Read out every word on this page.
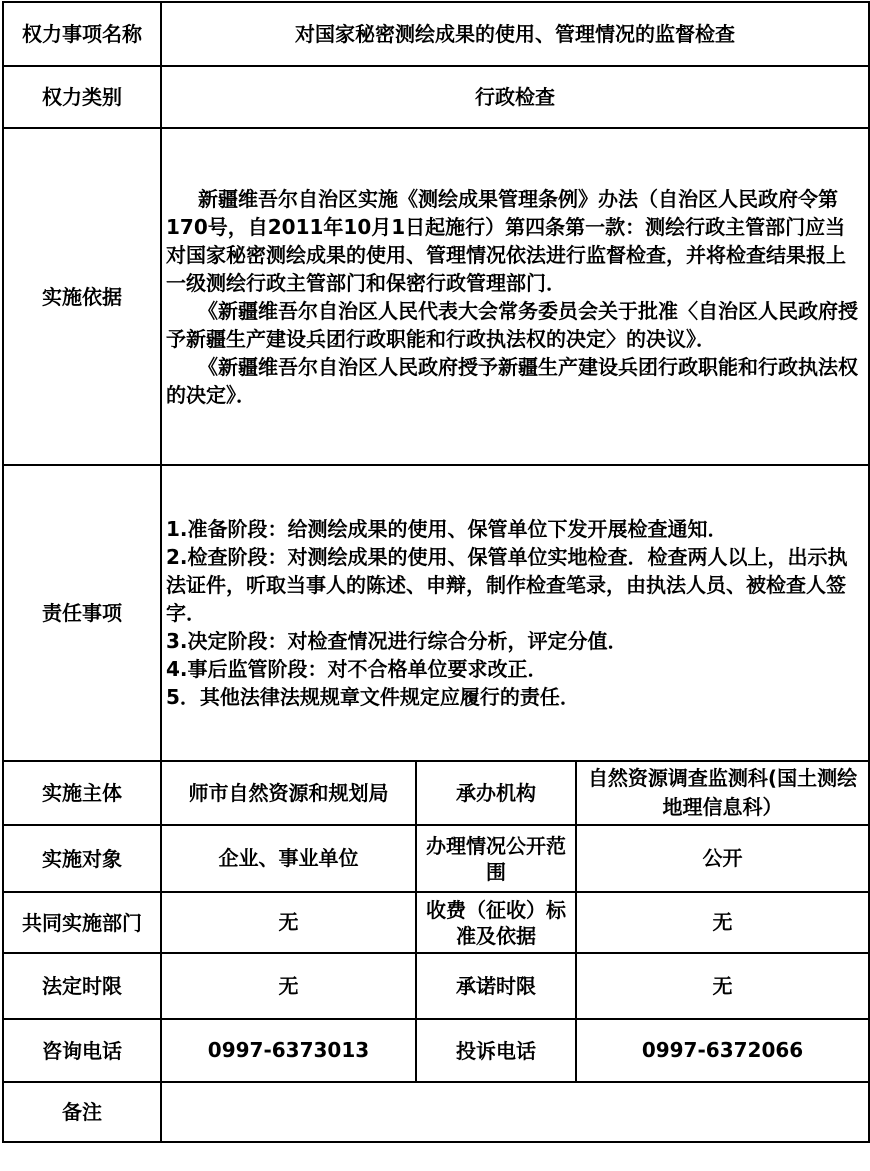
权力事项名称	对国家秘密测绘成果的使用、管理情况的监督检查		
权力类别	行政检查		
实施依据	新疆维吾尔自治区实施《测绘成果管理条例》办法（自治区人民政府令第170号，自2011年10月1日起施行）第四条第一款：测绘行政主管部门应当对国家秘密测绘成果的使用、管理情况依法进行监督检查，并将检查结果报上一级测绘行政主管部门和保密行政管理部门．

《新疆维吾尔自治区人民代表大会常务委员会关于批准〈自治区人民政府授予新疆生产建设兵团行政职能和行政执法权的决定〉的决议》．

《新疆维吾尔自治区人民政府授予新疆生产建设兵团行政职能和行政执法权的决定》．		

责任事项	1.准备阶段：给测绘成果的使用、保管单位下发开展检查通知．
2.检查阶段：对测绘成果的使用、保管单位实地检查．检查两人以上，出示执法证件，听取当事人的陈述、申辩，制作检查笔录，由执法人员、被检查人签字．
3.决定阶段：对检查情况进行综合分析，评定分值．
4.事后监管阶段：对不合格单位要求改正．
5．其他法律法规规章文件规定应履行的责任．		

实施主体	师市自然资源和规划局	承办机构	自然资源调查监测科(国土测绘地理信息科）
实施对象	企业、事业单位	办理情况公开范围	公开
共同实施部门	无	收费（征收）标准及依据	无
法定时限	无	承诺时限	无
咨询电话	0997-6373013	投诉电话	0997-6372066
备注			
